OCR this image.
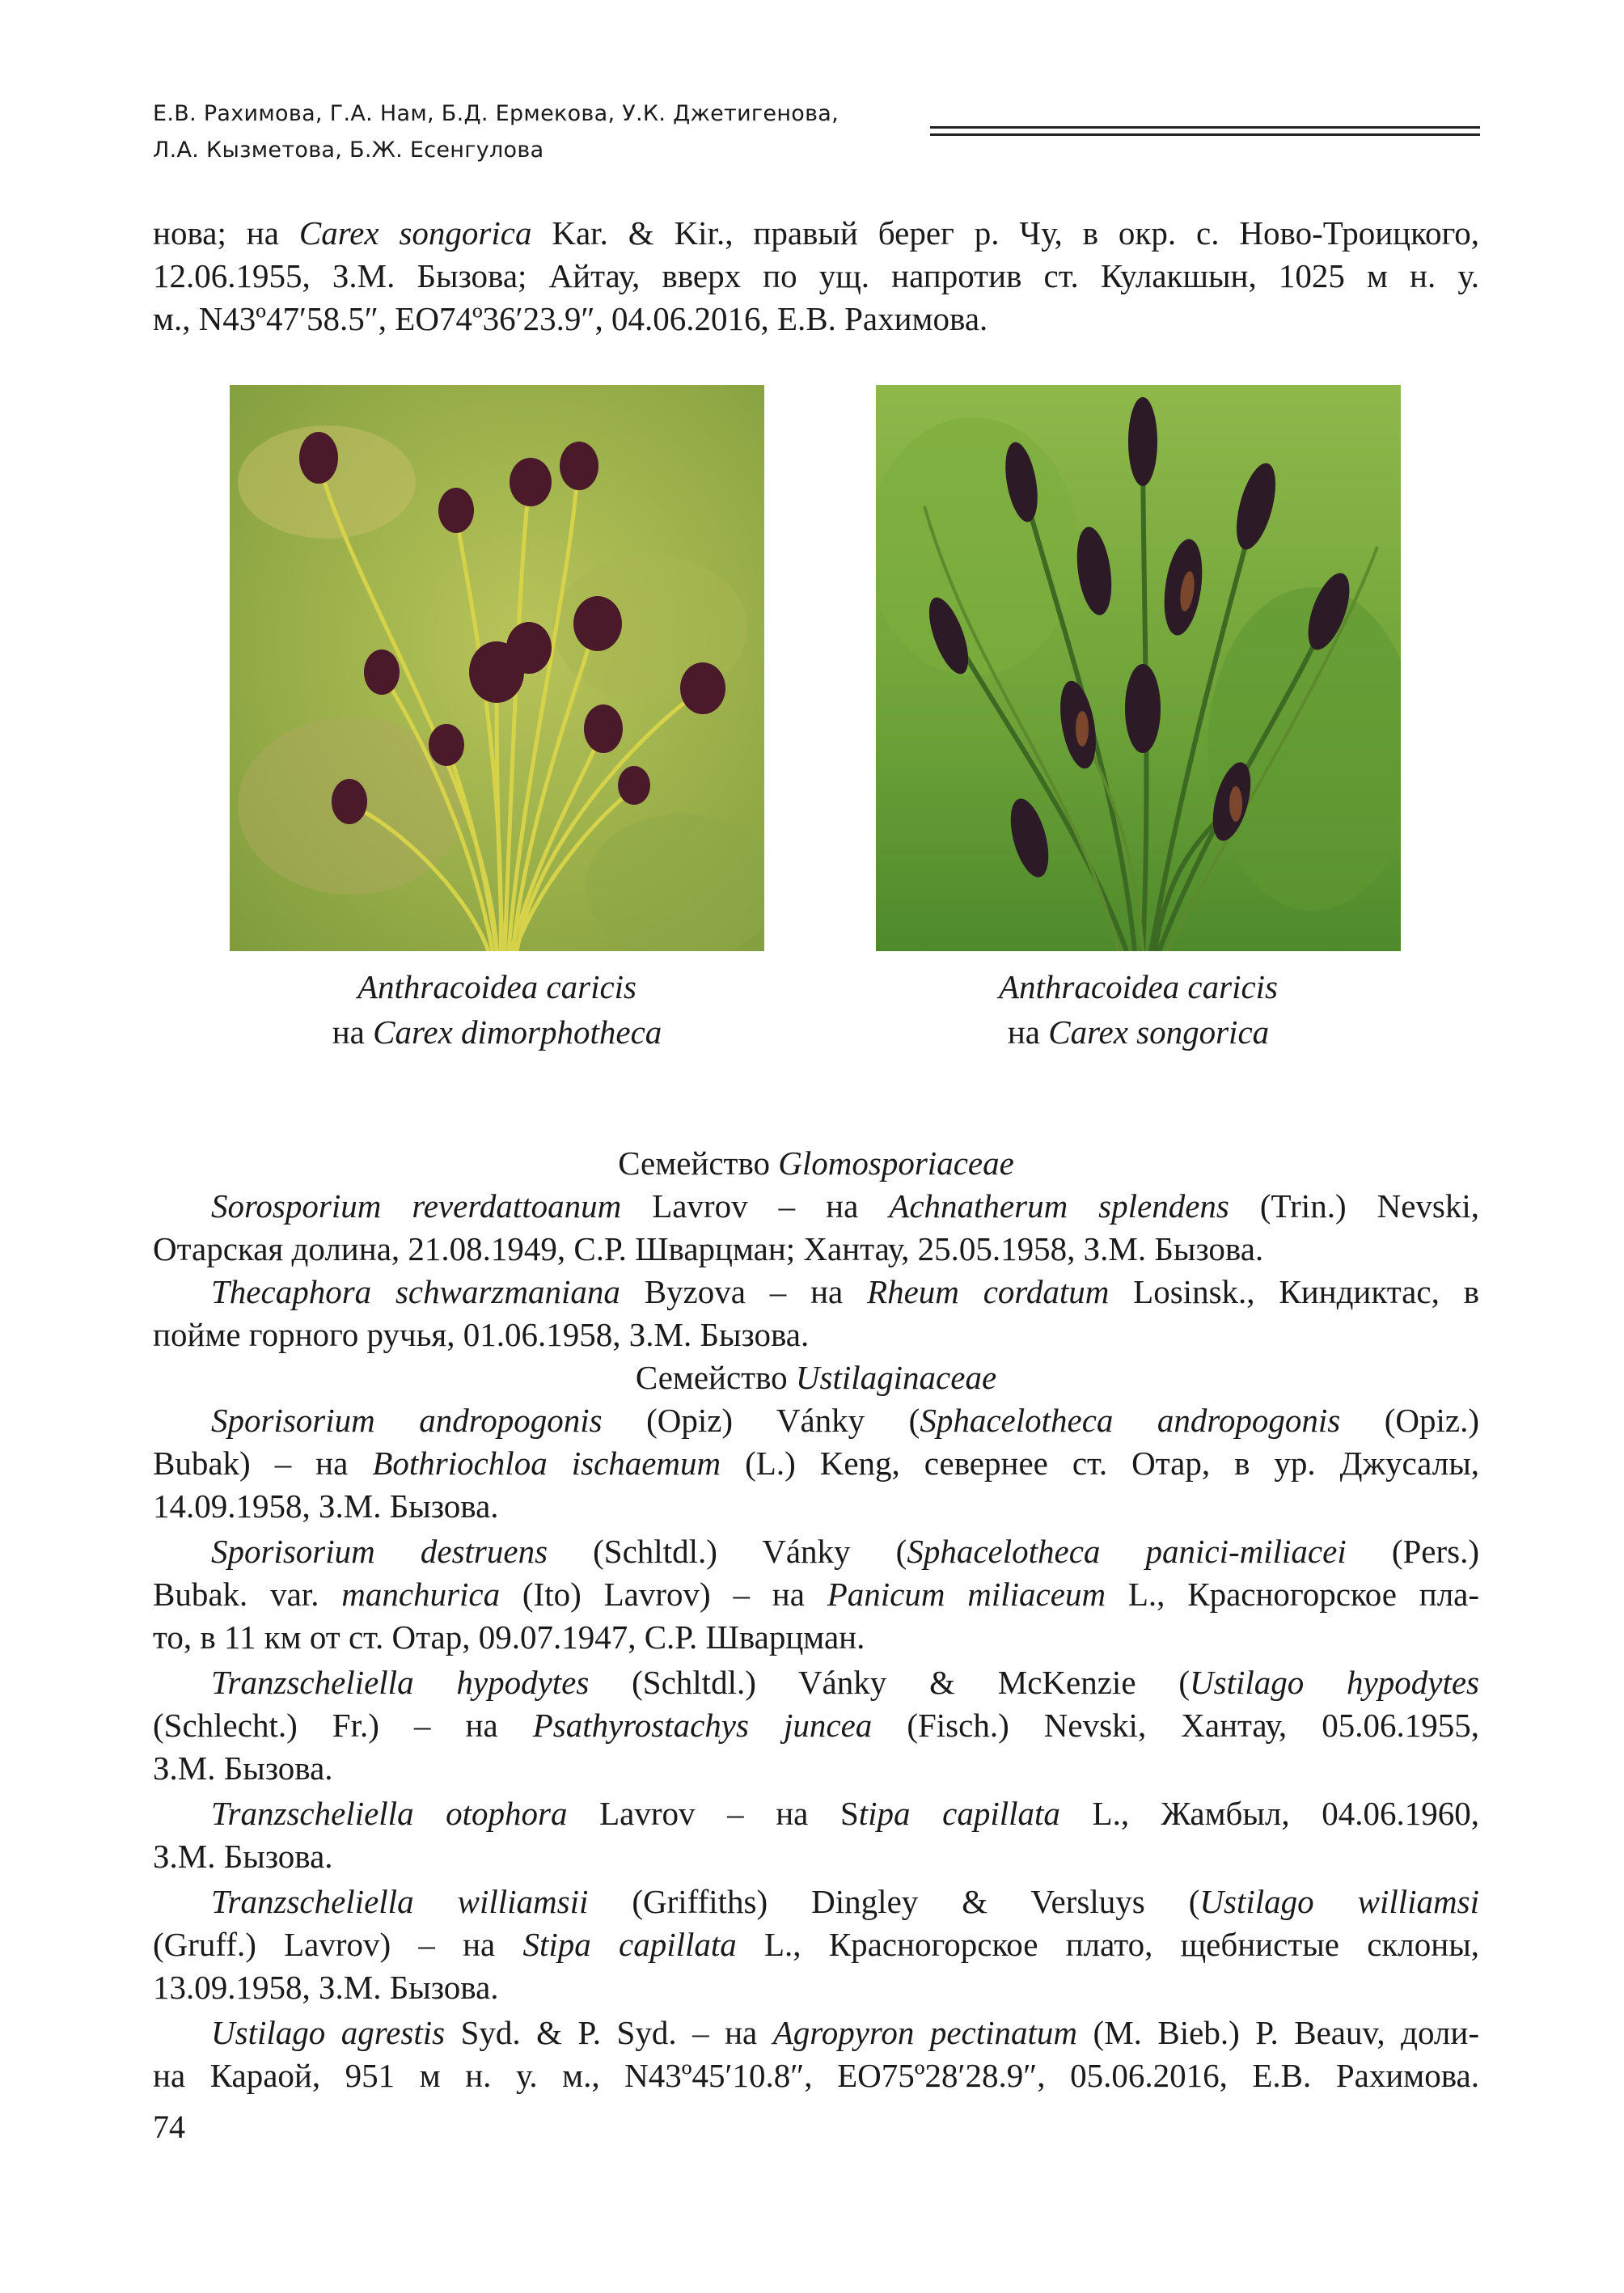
Е.В. Рахимова, Г.А. Нам, Б.Д. Ермекова, У.К. Джетигенова,
Л.А. Кызметова, Б.Ж. Есенгулова
нова; на Carex songorica Kar. & Kir., правый берег р. Чу, в окр. с. Ново-Троицкого,
12.06.1955, З.М. Бызова; Айтау, вверх по ущ. напротив ст. Кулакшын, 1025 м н. у.
м., N43º47′58.5″, EO74º36′23.9″, 04.06.2016, Е.В. Рахимова.
Anthracoidea caricis
на Carex dimorphotheca
Anthracoidea caricis
на Carex songorica
Семейство Glomosporiaceae
Sorosporium reverdattoanum Lavrov – на Achnatherum splendens (Trin.) Nevski,
Отарская долина, 21.08.1949, С.Р. Шварцман; Хантау, 25.05.1958, З.М. Бызова.
Thecaphora schwarzmaniana Byzova – на Rheum cordatum Losinsk., Киндиктас, в
пойме горного ручья, 01.06.1958, З.М. Бызова.
Семейство Ustilaginaceae
Sporisorium andropogonis (Opiz) Vánky (Sphacelotheca andropogonis (Opiz.)
Bubak) – на Bothriochloa ischaemum (L.) Keng, севернее ст. Отар, в ур. Джусалы,
14.09.1958, З.М. Бызова.
Sporisorium destruens (Schltdl.) Vánky (Sphacelotheca panici-miliacei (Pers.)
Bubak. var. manchurica (Ito) Lavrov) – на Panicum miliaceum L., Красногорское пла-
то, в 11 км от ст. Отар, 09.07.1947, С.Р. Шварцман.
Tranzscheliella hypodytes (Schltdl.) Vánky & McKenzie (Ustilago hypodytes
(Schlecht.) Fr.) – на Psathyrostachys juncea (Fisch.) Nevski, Хантау, 05.06.1955,
З.М. Бызова.
Tranzscheliella otophora Lavrov – на Stipa capillata L., Жамбыл, 04.06.1960,
З.М. Бызова.
Tranzscheliella williamsii (Griffiths) Dingley & Versluys (Ustilago williamsi
(Gruff.) Lavrov) – на Stipa capillata L., Красногорское плато, щебнистые склоны,
13.09.1958, З.М. Бызова.
Ustilago agrestis Syd. & P. Syd. – на Agropyron pectinatum (M. Bieb.) P. Beauv, доли-
на Караой, 951 м н. у. м., N43º45′10.8″, EO75º28′28.9″, 05.06.2016, Е.В. Рахимова.
74
